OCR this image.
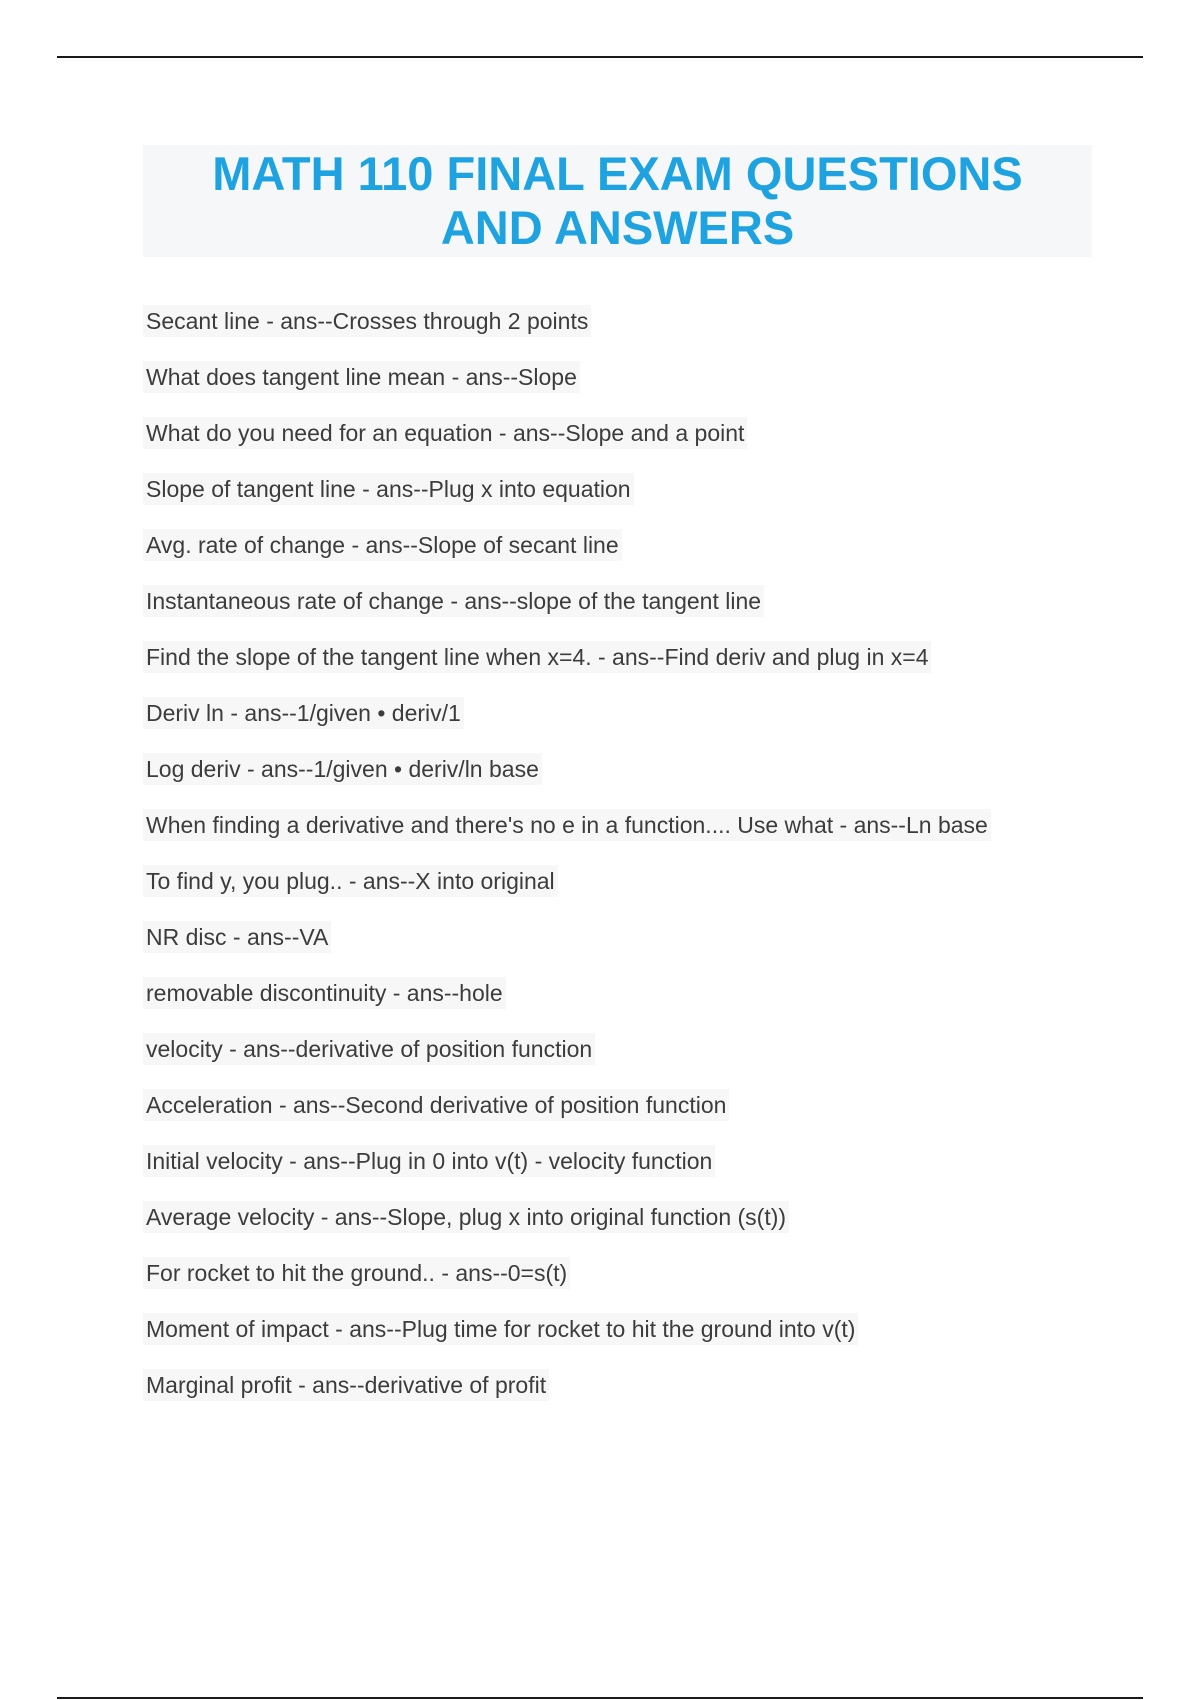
MATH 110 FINAL EXAM QUESTIONS
AND ANSWERS
Secant line - ans--Crosses through 2 points
What does tangent line mean - ans--Slope
What do you need for an equation - ans--Slope and a point
Slope of tangent line - ans--Plug x into equation
Avg. rate of change - ans--Slope of secant line
Instantaneous rate of change - ans--slope of the tangent line
Find the slope of the tangent line when x=4. - ans--Find deriv and plug in x=4
Deriv ln - ans--1/given • deriv/1
Log deriv - ans--1/given • deriv/ln base
When finding a derivative and there's no e in a function.... Use what - ans--Ln base
To find y, you plug.. - ans--X into original
NR disc - ans--VA
removable discontinuity - ans--hole
velocity - ans--derivative of position function
Acceleration - ans--Second derivative of position function
Initial velocity - ans--Plug in 0 into v(t) - velocity function
Average velocity - ans--Slope, plug x into original function (s(t))
For rocket to hit the ground.. - ans--0=s(t)
Moment of impact - ans--Plug time for rocket to hit the ground into v(t)
Marginal profit - ans--derivative of profit
